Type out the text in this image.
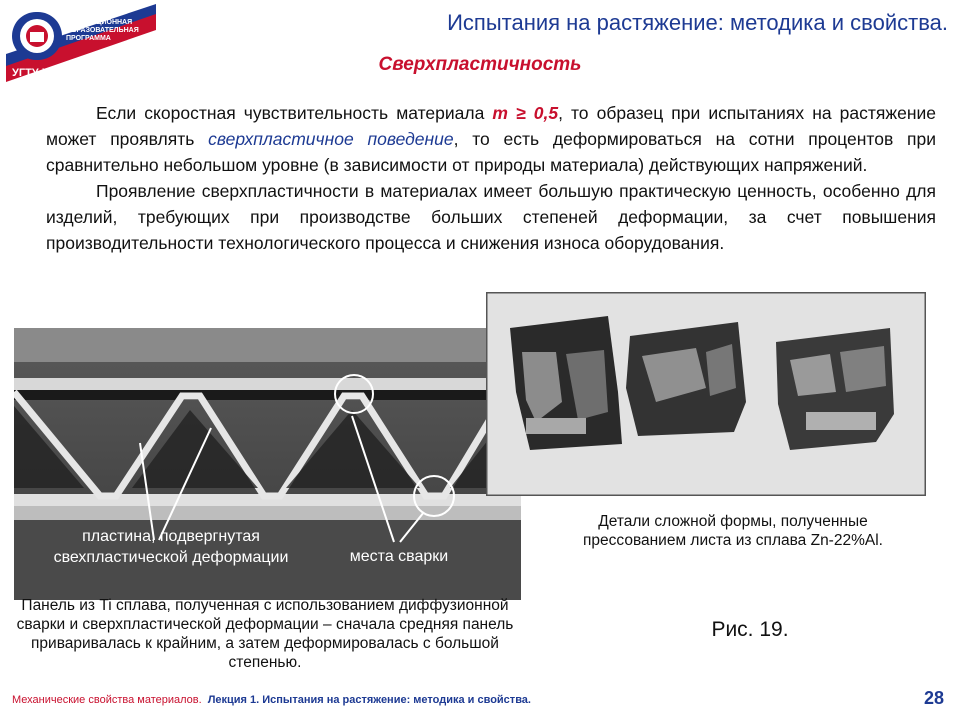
ИННОВАЦИОННАЯ
ОБРАЗОВАТЕЛЬНАЯ
ПРОГРАММА
УГТУ-УПИ
Испытания на растяжение: методика и свойства.
Сверхпластичность

Если скоростная чувствительность материала m ≥ 0,5, то образец при испытаниях на растяжение может проявлять сверхпластичное поведение, то есть деформироваться на сотни процентов при сравнительно небольшом уровне (в зависимости от природы материала) действующих напряжений.

Проявление сверхпластичности в материалах имеет большую практическую ценность, особенно для изделий, требующих при производстве больших степеней деформации, за счет повышения производительности технологического процесса и снижения износа оборудования.

пластина, подвергнутая свехпластической деформации	места сварки
Панель из Ti сплава, полученная с использованием диффузионной сварки и сверхпластической деформации – сначала средняя панель приваривалась к крайним, а затем деформировалась с большой степенью.
Детали сложной формы, полученные прессованием листа из сплава Zn-22%Al.
Рис. 19.
Механические свойства материалов. Лекция 1. Испытания на растяжение: методика и свойства.	28
